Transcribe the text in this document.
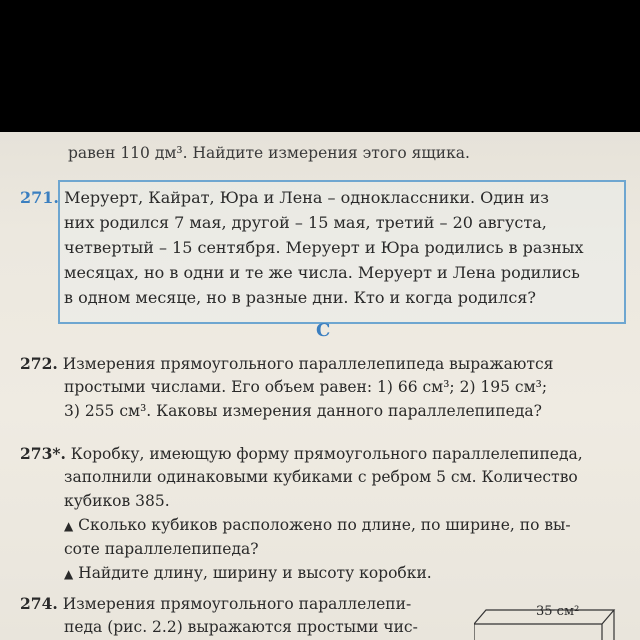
равен 110 дм³. Найдите измерения этого ящика.
271. Меруерт, Кайрат, Юра и Лена – одноклассники. Один из
них родился 7 мая, другой – 15 мая, третий – 20 августа,
четвертый – 15 сентября. Меруерт и Юра родились в разных
месяцах, но в одни и те же числа. Меруерт и Лена родились
в одном месяце, но в разные дни. Кто и когда родился?
C
272. Измерения прямоугольного параллелепипеда выражаются
простыми числами. Его объем равен: 1) 66 см³; 2) 195 см³;
3) 255 см³. Каковы измерения данного параллелепипеда?
273*. Коробку, имеющую форму прямоугольного параллелепипеда,
заполнили одинаковыми кубиками с ребром 5 см. Количество
кубиков 385.
▲ Сколько кубиков расположено по длине, по ширине, по вы-
соте параллелепипеда?
▲ Найдите длину, ширину и высоту коробки.
274. Измерения прямоугольного параллелепи-
педа (рис. 2.2) выражаются простыми чис-
35 см²
